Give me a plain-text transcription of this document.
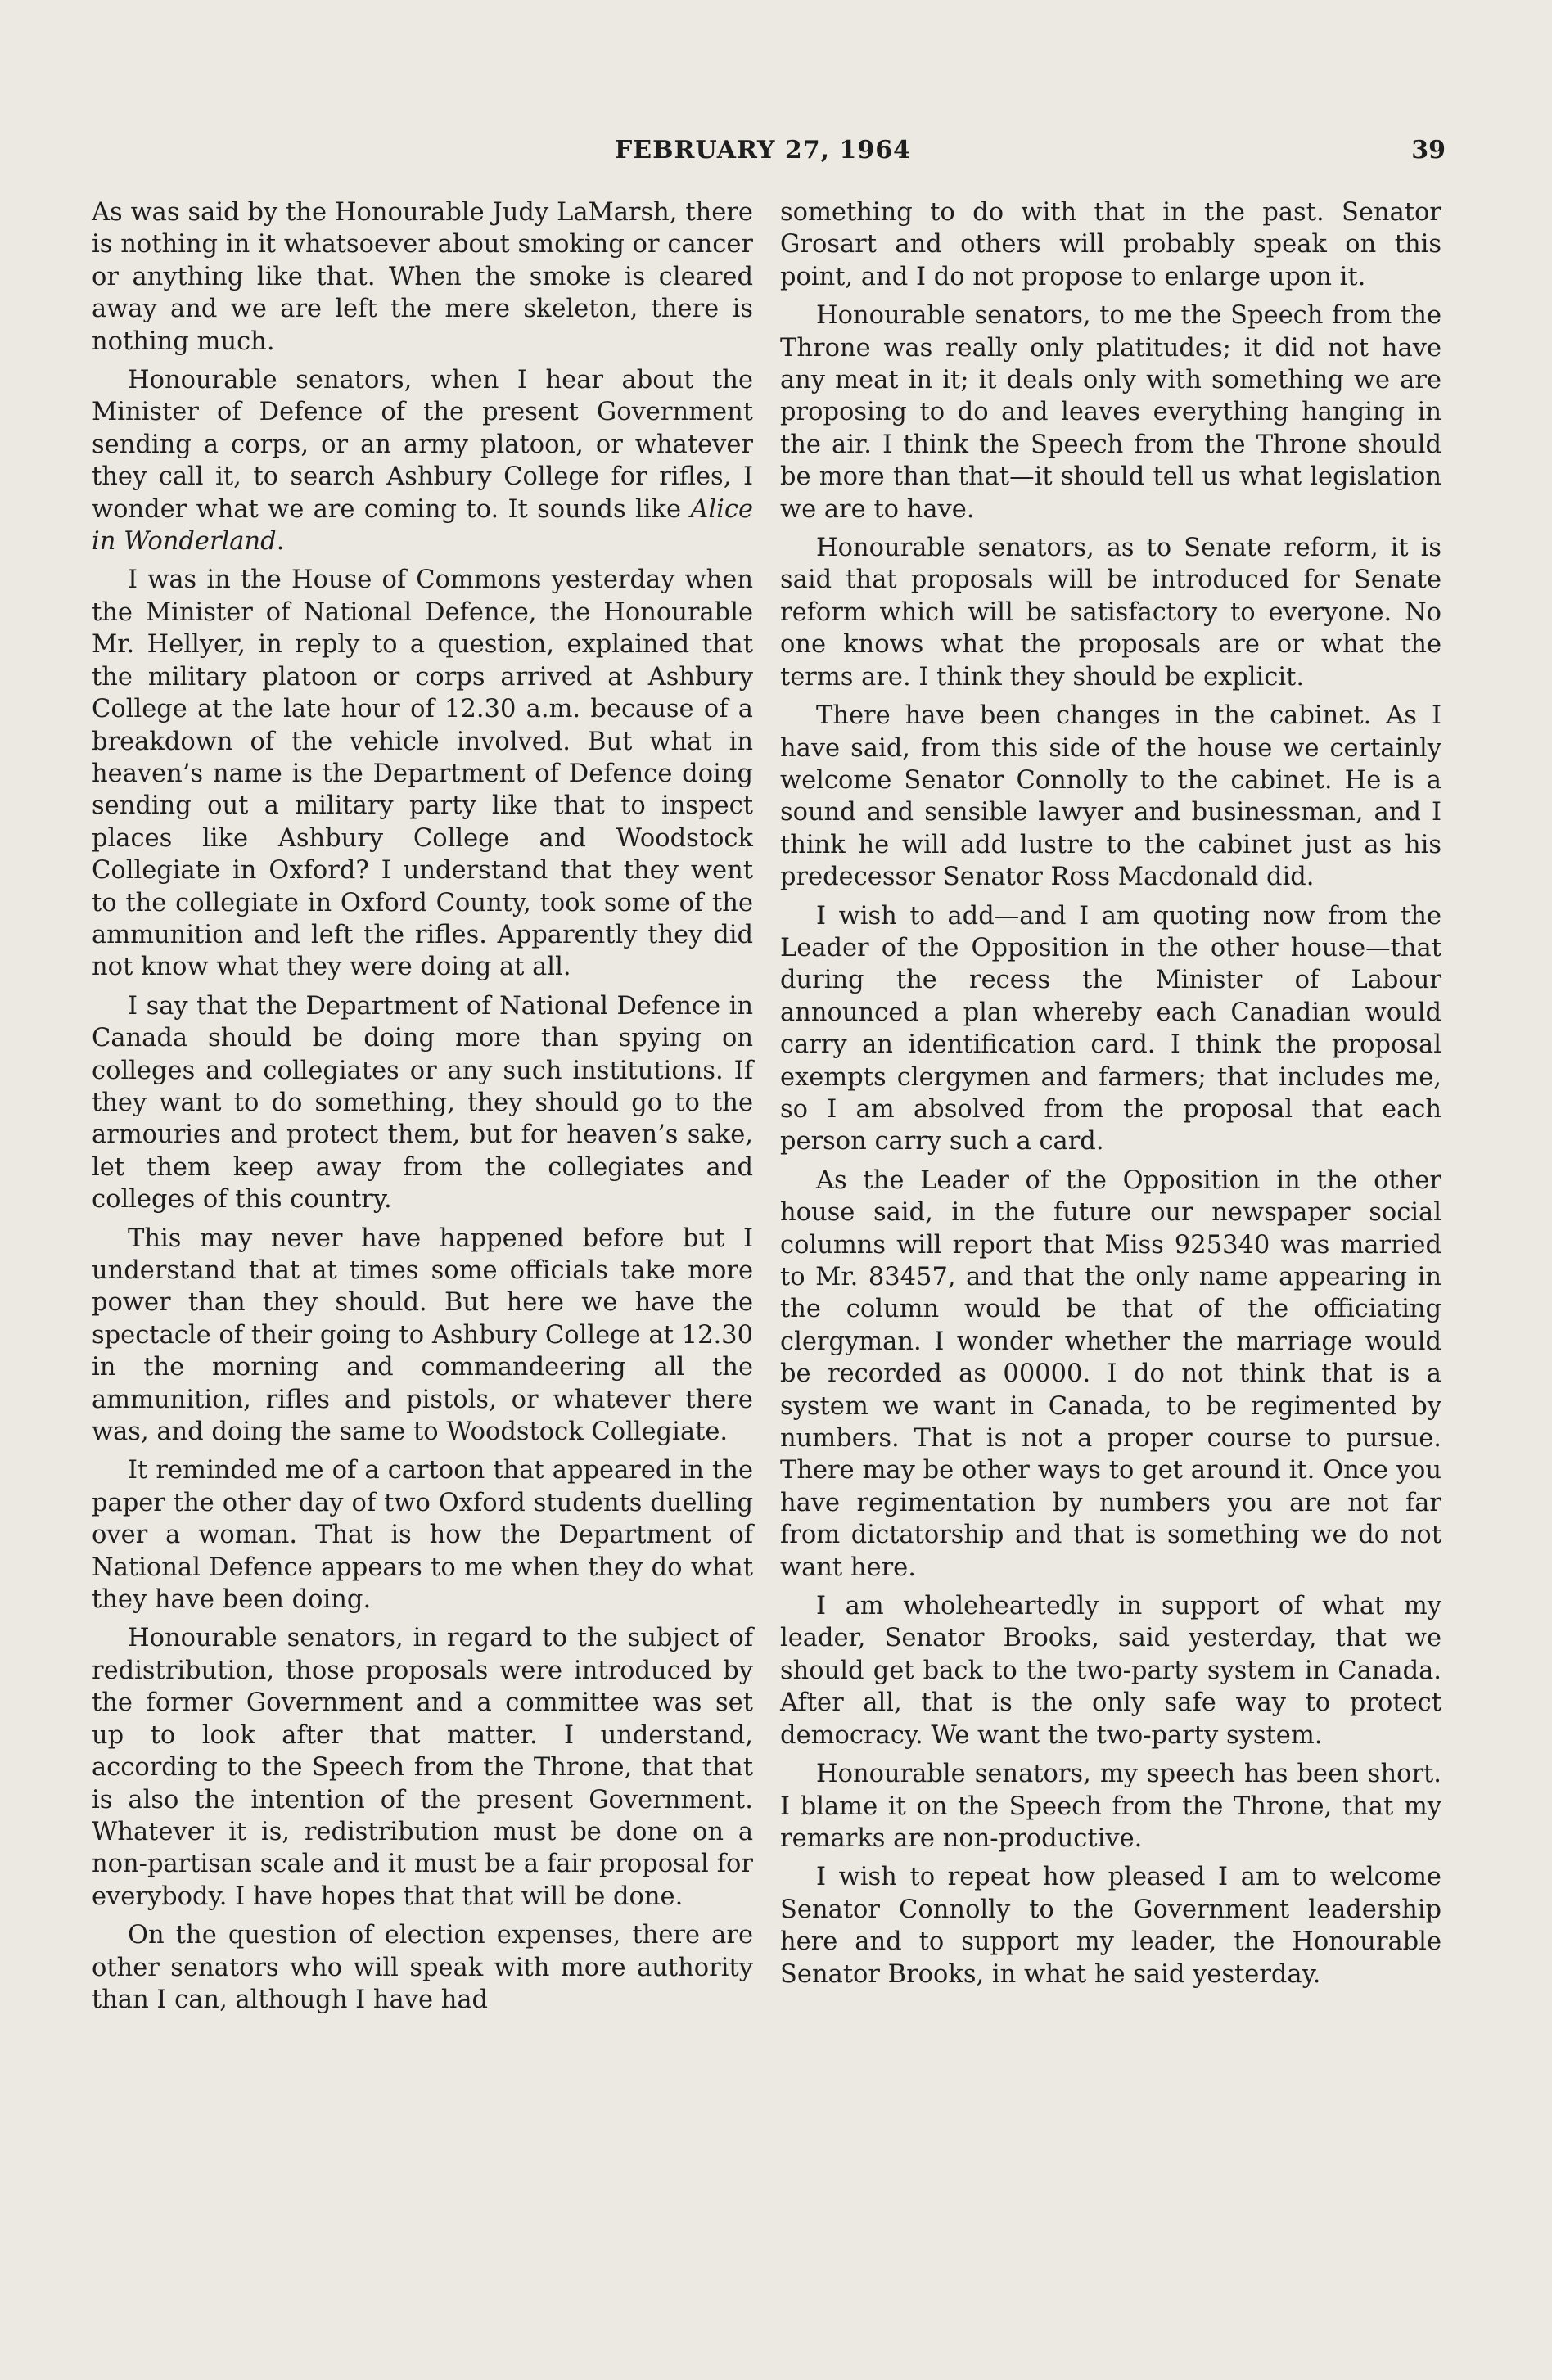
FEBRUARY 27, 1964	39

As was said by the Honourable Judy LaMarsh, there is nothing in it whatsoever about smoking or cancer or anything like that. When the smoke is cleared away and we are left the mere skeleton, there is nothing much.

Honourable senators, when I hear about the Minister of Defence of the present Government sending a corps, or an army platoon, or whatever they call it, to search Ashbury College for rifles, I wonder what we are coming to. It sounds like Alice in Wonderland.

I was in the House of Commons yesterday when the Minister of National Defence, the Honourable Mr. Hellyer, in reply to a question, explained that the military platoon or corps arrived at Ashbury College at the late hour of 12.30 a.m. because of a breakdown of the vehicle involved. But what in heaven’s name is the Department of Defence doing sending out a military party like that to inspect places like Ashbury College and Woodstock Collegiate in Oxford? I understand that they went to the collegiate in Oxford County, took some of the ammunition and left the rifles. Apparently they did not know what they were doing at all.

I say that the Department of National Defence in Canada should be doing more than spying on colleges and collegiates or any such institutions. If they want to do something, they should go to the armouries and protect them, but for heaven’s sake, let them keep away from the collegiates and colleges of this country.

This may never have happened before but I understand that at times some officials take more power than they should. But here we have the spectacle of their going to Ashbury College at 12.30 in the morning and commandeering all the ammunition, rifles and pistols, or whatever there was, and doing the same to Woodstock Collegiate.

It reminded me of a cartoon that appeared in the paper the other day of two Oxford students duelling over a woman. That is how the Department of National Defence appears to me when they do what they have been doing.

Honourable senators, in regard to the subject of redistribution, those proposals were introduced by the former Government and a committee was set up to look after that matter. I understand, according to the Speech from the Throne, that that is also the intention of the present Government. Whatever it is, redistribution must be done on a non-partisan scale and it must be a fair proposal for everybody. I have hopes that that will be done.

On the question of election expenses, there are other senators who will speak with more authority than I can, although I have had

something to do with that in the past. Senator Grosart and others will probably speak on this point, and I do not propose to enlarge upon it.

Honourable senators, to me the Speech from the Throne was really only platitudes; it did not have any meat in it; it deals only with something we are proposing to do and leaves everything hanging in the air. I think the Speech from the Throne should be more than that—it should tell us what legislation we are to have.

Honourable senators, as to Senate reform, it is said that proposals will be introduced for Senate reform which will be satisfactory to everyone. No one knows what the proposals are or what the terms are. I think they should be explicit.

There have been changes in the cabinet. As I have said, from this side of the house we certainly welcome Senator Connolly to the cabinet. He is a sound and sensible lawyer and businessman, and I think he will add lustre to the cabinet just as his predecessor Senator Ross Macdonald did.

I wish to add—and I am quoting now from the Leader of the Opposition in the other house—that during the recess the Minister of Labour announced a plan whereby each Canadian would carry an identification card. I think the proposal exempts clergymen and farmers; that includes me, so I am absolved from the proposal that each person carry such a card.

As the Leader of the Opposition in the other house said, in the future our newspaper social columns will report that Miss 925340 was married to Mr. 83457, and that the only name appearing in the column would be that of the officiating clergyman. I wonder whether the marriage would be recorded as 00000. I do not think that is a system we want in Canada, to be regimented by numbers. That is not a proper course to pursue. There may be other ways to get around it. Once you have regimentation by numbers you are not far from dictatorship and that is something we do not want here.

I am wholeheartedly in support of what my leader, Senator Brooks, said yesterday, that we should get back to the two-party system in Canada. After all, that is the only safe way to protect democracy. We want the two-party system.

Honourable senators, my speech has been short. I blame it on the Speech from the Throne, that my remarks are non-productive.

I wish to repeat how pleased I am to welcome Senator Connolly to the Government leadership here and to support my leader, the Honourable Senator Brooks, in what he said yesterday.
